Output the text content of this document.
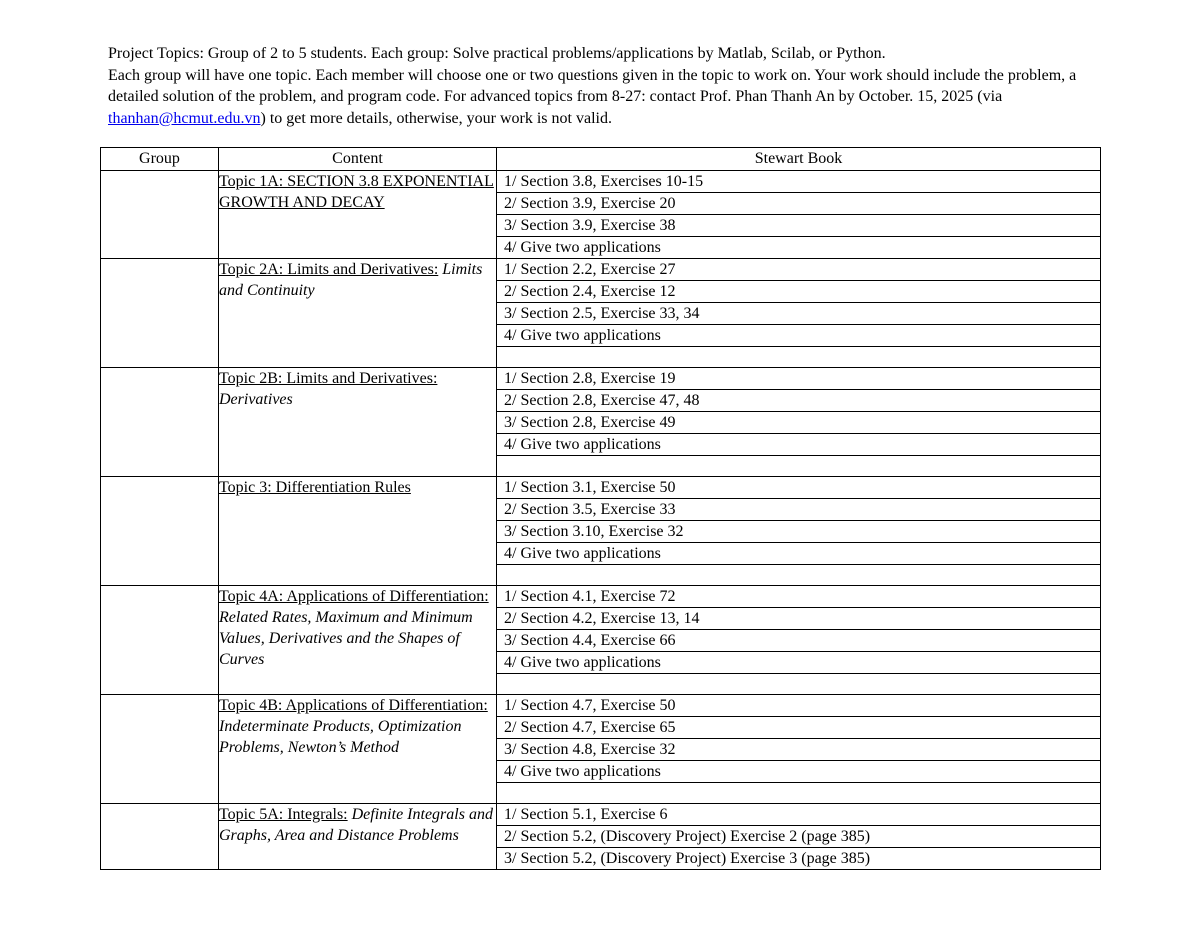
Project Topics: Group of 2 to 5 students. Each group: Solve practical problems/applications by Matlab, Scilab, or Python.

Each group will have one topic. Each member will choose one or two questions given in the topic to work on. Your work should include the problem, a detailed solution of the problem, and program code. For advanced topics from 8-27: contact Prof. Phan Thanh An by October. 15, 2025 (via thanhan@hcmut.edu.vn) to get more details, otherwise, your work is not valid.

Group	Content	Stewart Book
	Topic 1A: SECTION 3.8 EXPONENTIAL GROWTH AND DECAY	1/ Section 3.8, Exercises 10-15
2/ Section 3.9, Exercise 20
3/ Section 3.9, Exercise 38
4/ Give two applications

	Topic 2A: Limits and Derivatives: Limits and Continuity	1/ Section 2.2, Exercise 27
2/ Section 2.4, Exercise 12
3/ Section 2.5, Exercise 33, 34
4/ Give two applications

	Topic 2B: Limits and Derivatives: Derivatives	1/ Section 2.8, Exercise 19
2/ Section 2.8, Exercise 47, 48
3/ Section 2.8, Exercise 49
4/ Give two applications

	Topic 3: Differentiation Rules	1/ Section 3.1, Exercise 50
2/ Section 3.5, Exercise 33
3/ Section 3.10, Exercise 32
4/ Give two applications

	Topic 4A: Applications of Differentiation: Related Rates, Maximum and Minimum Values, Derivatives and the Shapes of Curves	1/ Section 4.1, Exercise 72
2/ Section 4.2, Exercise 13, 14
3/ Section 4.4, Exercise 66
4/ Give two applications

	Topic 4B: Applications of Differentiation: Indeterminate Products, Optimization Problems, Newton’s Method	1/ Section 4.7, Exercise 50
2/ Section 4.7, Exercise 65
3/ Section 4.8, Exercise 32
4/ Give two applications

	Topic 5A: Integrals: Definite Integrals and Graphs, Area and Distance Problems	1/ Section 5.1, Exercise 6
2/ Section 5.2, (Discovery Project) Exercise 2 (page 385)
3/ Section 5.2, (Discovery Project) Exercise 3 (page 385)
